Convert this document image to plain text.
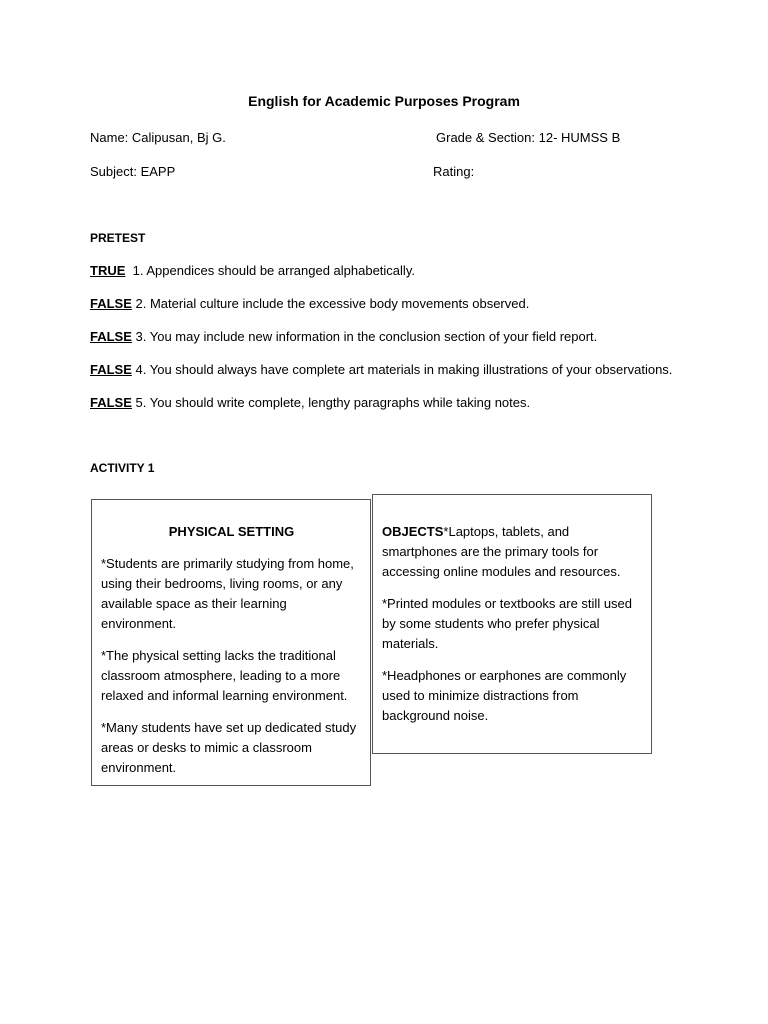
English for Academic Purposes Program
Name: Calipusan, Bj G.	Grade & Section: 12- HUMSS B
Subject: EAPP	Rating:
PRETEST
TRUE  1. Appendices should be arranged alphabetically.
FALSE 2. Material culture include the excessive body movements observed.
FALSE 3. You may include new information in the conclusion section of your field report.
FALSE 4. You should always have complete art materials in making illustrations of your observations.
FALSE 5. You should write complete, lengthy paragraphs while taking notes.
ACTIVITY 1
PHYSICAL SETTING

*Students are primarily studying from home, using their bedrooms, living rooms, or any available space as their learning environment.

*The physical setting lacks the traditional classroom atmosphere, leading to a more relaxed and informal learning environment.

*Many students have set up dedicated study areas or desks to mimic a classroom environment.

OBJECTS*Laptops, tablets, and smartphones are the primary tools for accessing online modules and resources.

*Printed modules or textbooks are still used by some students who prefer physical materials.

*Headphones or earphones are commonly used to minimize distractions from background noise.
